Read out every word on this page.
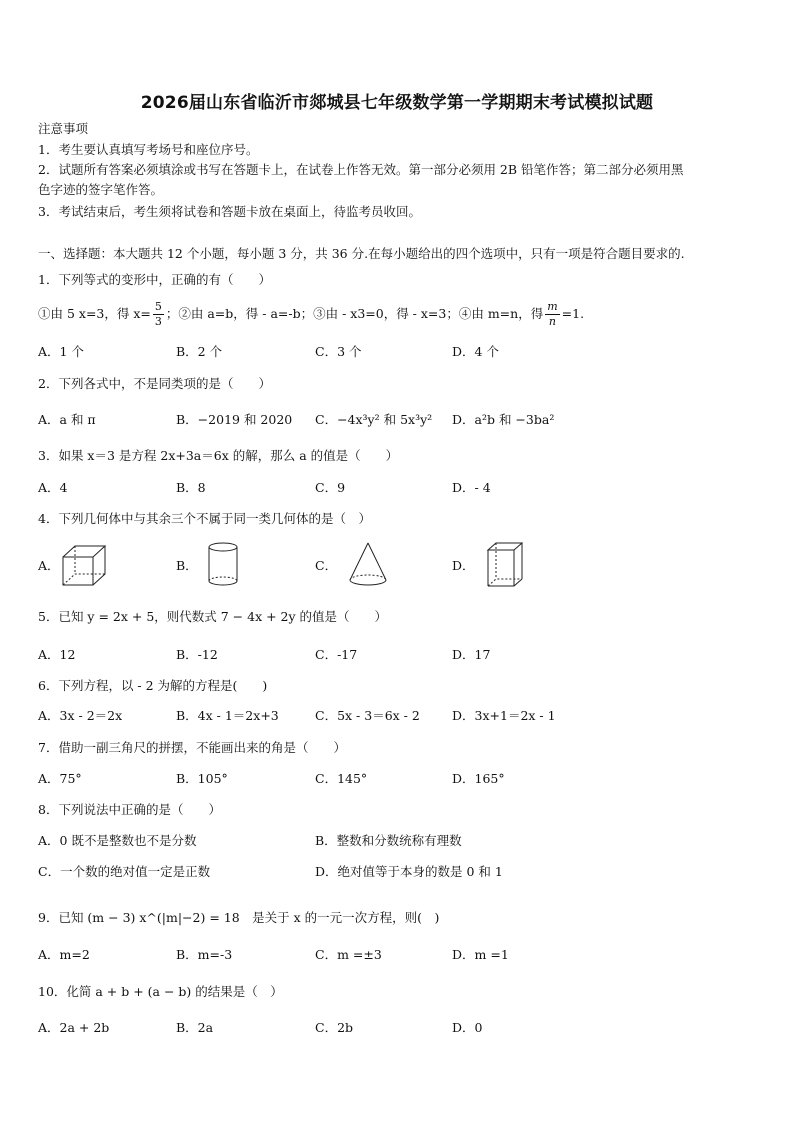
2026届山东省临沂市郯城县七年级数学第一学期期末考试模拟试题
注意事项
1．考生要认真填写考场号和座位序号。
2．试题所有答案必须填涂或书写在答题卡上，在试卷上作答无效。第一部分必须用 2B 铅笔作答；第二部分必须用黑
色字迹的签字笔作答。
3．考试结束后，考生须将试卷和答题卡放在桌面上，待监考员收回。
一、选择题：本大题共 12 个小题，每小题 3 分，共 36 分.在每小题给出的四个选项中，只有一项是符合题目要求的.
1．下列等式的变形中，正确的有（　　）
①由 5 x=3，得 $x= \frac{5}{3}$ ；②由 a=b，得 - a=-b；③由 - x3=0，得 - x=3；④由 m=n，得 $\frac{m}{n} =1$.
A．1 个	B．2 个	C．3 个	D．4 个
2．下列各式中，不是同类项的是（　　）
A．a 和 π	B．−2019 和 2020 C．−4x³y² 和 5x³y² D．a²b 和 −3ba²
3．如果 x＝3 是方程 2x+3a＝6x 的解，那么 a 的值是（　　）
A．4	B．8	C．9	D．- 4
4．下列几何体中与其余三个不属于同一类几何体的是（　）
A．	B．	C．	D．
5．已知 y = 2x + 5，则代数式 7 − 4x + 2y 的值是（　　）
A．12	B．-12	C．-17	D．17
6．下列方程，以 - 2 为解的方程是(　　)
A．3x - 2＝2x	B．4x - 1＝2x+3	C．5x - 3＝6x - 2	D．3x+1＝2x - 1
7．借助一副三角尺的拼摆，不能画出来的角是（　　）
A．75°	B．105°	C．145°	D．165°
8．下列说法中正确的是（　　）
A．0 既不是整数也不是分数	B．整数和分数统称有理数
C．一个数的绝对值一定是正数	D．绝对值等于本身的数是 0 和 1
9．已知 (m − 3) x^(|m|−2) = 18　是关于 x 的一元一次方程，则(　)
A．m=2	B．m=-3	C．m =±3	D．m =1
10．化简 a + b + (a − b) 的结果是（　）
A．2a + 2b	B．2a	C．2b	D．0
